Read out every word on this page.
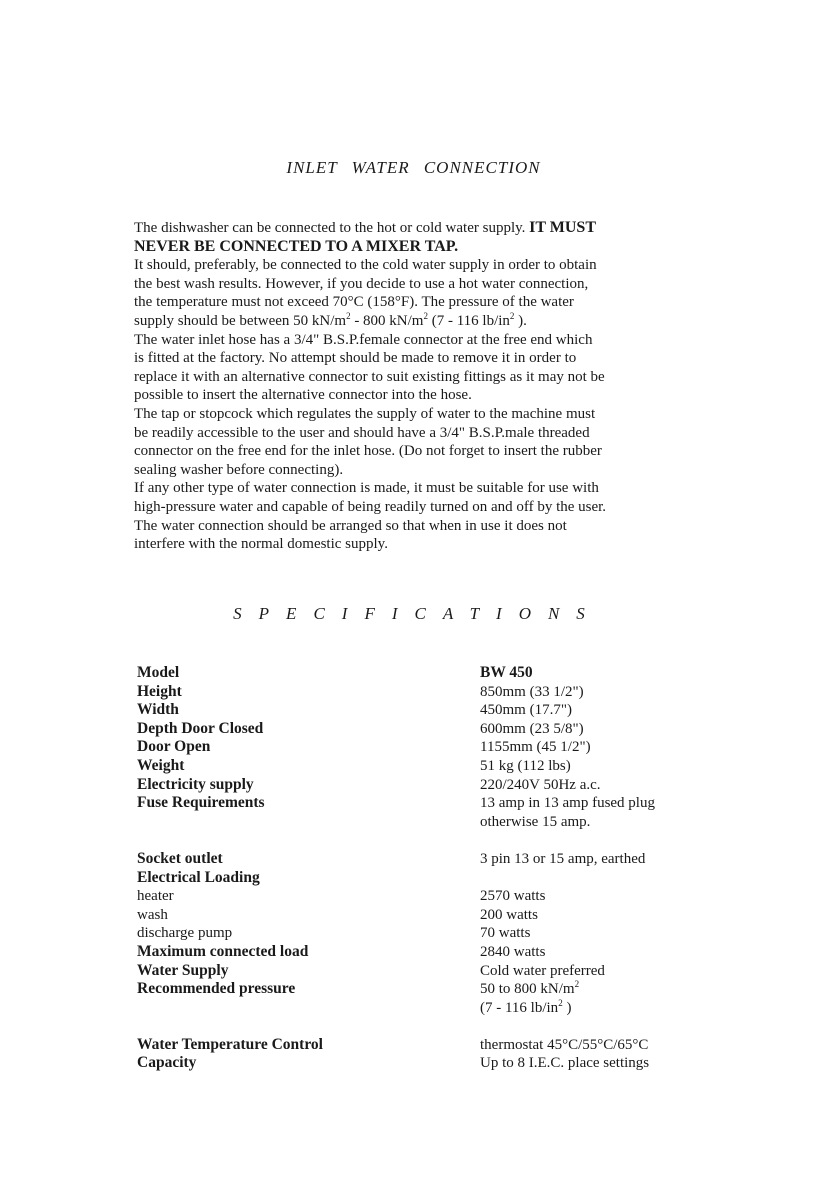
INLET WATER CONNECTION
The dishwasher can be connected to the hot or cold water supply. IT MUST
NEVER BE CONNECTED TO A MIXER TAP.
It should, preferably, be connected to the cold water supply in order to obtain
the best wash results. However, if you decide to use a hot water connection,
the temperature must not exceed 70°C (158°F). The pressure of the water
supply should be between 50 $kN/m^2 - 800$ $kN/m^2$ (7 - 116 $lb/in^2$ ).
The water inlet hose has a 3/4" B.S.P.female connector at the free end which
is fitted at the factory. No attempt should be made to remove it in order to
replace it with an alternative connector to suit existing fittings as it may not be
possible to insert the alternative connector into the hose.
The tap or stopcock which regulates the supply of water to the machine must
be readily accessible to the user and should have a 3/4" B.S.P.male threaded
connector on the free end for the inlet hose. (Do not forget to insert the rubber
sealing washer before connecting).
If any other type of water connection is made, it must be suitable for use with
high-pressure water and capable of being readily turned on and off by the user.
The water connection should be arranged so that when in use it does not
interfere with the normal domestic supply.
SPECIFICATIONS
Model	BW 450
Height	850mm (33 1/2")
Width	450mm (17.7")
Depth Door Closed	600mm (23 5/8")
Door Open	1155mm (45 1/2")
Weight	51 kg (112 lbs)
Electricity supply	220/240V 50Hz a.c.
Fuse Requirements	13 amp in 13 amp fused plug
otherwise 15 amp.
Socket outlet	3 pin 13 or 15 amp, earthed
Electrical Loading
heater	2570 watts
wash	200 watts
discharge pump	70 watts
Maximum connected load	2840 watts
Water Supply	Cold water preferred
Recommended pressure	50 to 800 $kN/m^2$
(7 - 116 $lb/in^2$ )
Water Temperature Control	thermostat 45°C/55°C/65°C
Capacity	Up to 8 I.E.C. place settings
